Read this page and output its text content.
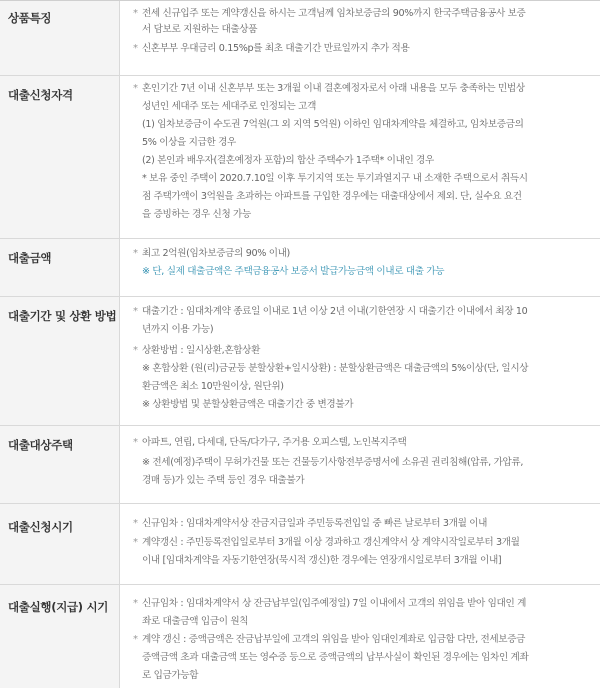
상품특징	* 전세 신규입주 또는 계약갱신을 하시는 고객님께 임차보증금의 90%까지 한국주택금융공사 보증
서 담보로 지원하는 대출상품
* 신혼부부 우대금리 0.15%p를 최초 대출기간 만료일까지 추가 적용
대출신청자격	* 혼인기간 7년 이내 신혼부부 또는 3개월 이내 결혼예정자로서 아래 내용을 모두 충족하는 민법상
성년인 세대주 또는 세대주로 인정되는 고객
(1) 임차보증금이 수도권 7억원(그 외 지역 5억원) 이하인 임대차계약을 체결하고, 임차보증금의
5% 이상을 지급한 경우
(2) 본인과 배우자(결혼예정자 포함)의 합산 주택수가 1주택* 이내인 경우
* 보유 중인 주택이 2020.7.10일 이후 투기지역 또는 투기과열지구 내 소재한 주택으로서 취득시
점 주택가액이 3억원을 초과하는 아파트를 구입한 경우에는 대출대상에서 제외. 단, 실수요 요건
을 증빙하는 경우 신청 가능
대출금액	* 최고 2억원(임차보증금의 90% 이내)
※ 단, 실제 대출금액은 주택금융공사 보증서 발급가능금액 이내로 대출 가능
대출기간 및 상환 방법 * 대출기간 : 임대차계약 종료일 이내로 1년 이상 2년 이내(기한연장 시 대출기간 이내에서 최장 10
년까지 이용 가능)
* 상환방법 : 일시상환,혼합상환
※ 혼합상환 (원(리)금균등 분할상환+일시상환) : 분할상환금액은 대출금액의 5%이상(단, 일시상
환금액은 최소 10만원이상, 원단위)
※ 상환방법 및 분할상환금액은 대출기간 중 변경불가
대출대상주택	* 아파트, 연립, 다세대, 단독/다가구, 주거용 오피스텔, 노인복지주택
※ 전세(예정)주택이 무허가건물 또는 건물등기사항전부증명서에 소유권 권리침해(압류, 가압류,
경매 등)가 있는 주택 등인 경우 대출불가
대출신청시기	* 신규임차 : 임대차계약서상 잔금지급일과 주민등록전입일 중 빠른 날로부터 3개월 이내
* 계약갱신 : 주민등록전입일로부터 3개월 이상 경과하고 갱신계약서 상 계약시작일로부터 3개월
이내 [임대차계약을 자동기한연장(묵시적 갱신)한 경우에는 연장개시일로부터 3개월 이내]
대출실행(지급) 시기 * 신규임차 : 임대차계약서 상 잔금납부일(입주예정일) 7일 이내에서 고객의 위임을 받아 임대인 계
좌로 대출금액 입금이 원칙
* 계약 갱신 : 증액금액은 잔금납부일에 고객의 위임을 받아 임대인계좌로 입금함 다만, 전세보증금
증액금액 초과 대출금액 또는 영수증 등으로 증액금액의 납부사실이 확인된 경우에는 임차인 계좌
로 입금가능함
